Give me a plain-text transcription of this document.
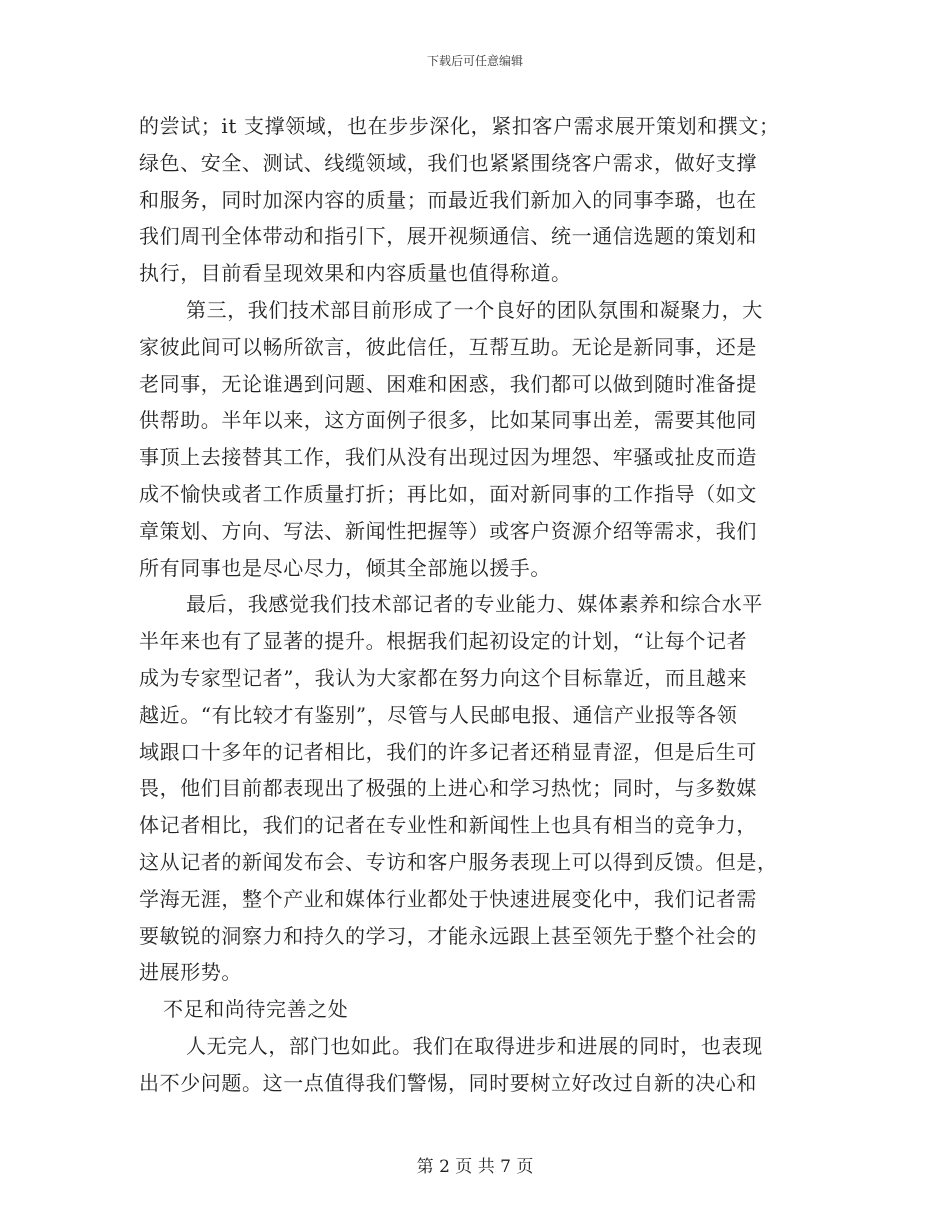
下载后可任意编辑
的尝试；it 支撑领域，也在步步深化，紧扣客户需求展开策划和撰文；
绿色、安全、测试、线缆领域，我们也紧紧围绕客户需求，做好支撑
和服务，同时加深内容的质量；而最近我们新加入的同事李璐，也在
我们周刊全体带动和指引下，展开视频通信、统一通信选题的策划和
执行，目前看呈现效果和内容质量也值得称道。
第三，我们技术部目前形成了一个良好的团队氛围和凝聚力，大
家彼此间可以畅所欲言，彼此信任，互帮互助。无论是新同事，还是
老同事，无论谁遇到问题、困难和困惑，我们都可以做到随时准备提
供帮助。半年以来，这方面例子很多，比如某同事出差，需要其他同
事顶上去接替其工作，我们从没有出现过因为埋怨、牢骚或扯皮而造
成不愉快或者工作质量打折；再比如，面对新同事的工作指导（如文
章策划、方向、写法、新闻性把握等）或客户资源介绍等需求，我们
所有同事也是尽心尽力，倾其全部施以援手。
最后，我感觉我们技术部记者的专业能力、媒体素养和综合水平
半年来也有了显著的提升。根据我们起初设定的计划，“让每个记者
成为专家型记者”，我认为大家都在努力向这个目标靠近，而且越来
越近。“有比较才有鉴别”，尽管与人民邮电报、通信产业报等各领
域跟口十多年的记者相比，我们的许多记者还稍显青涩，但是后生可
畏，他们目前都表现出了极强的上进心和学习热忱；同时，与多数媒
体记者相比，我们的记者在专业性和新闻性上也具有相当的竞争力，
这从记者的新闻发布会、专访和客户服务表现上可以得到反馈。但是，
学海无涯，整个产业和媒体行业都处于快速进展变化中，我们记者需
要敏锐的洞察力和持久的学习，才能永远跟上甚至领先于整个社会的
进展形势。
不足和尚待完善之处
人无完人，部门也如此。我们在取得进步和进展的同时，也表现
出不少问题。这一点值得我们警惕，同时要树立好改过自新的决心和
第 2 页 共 7 页
